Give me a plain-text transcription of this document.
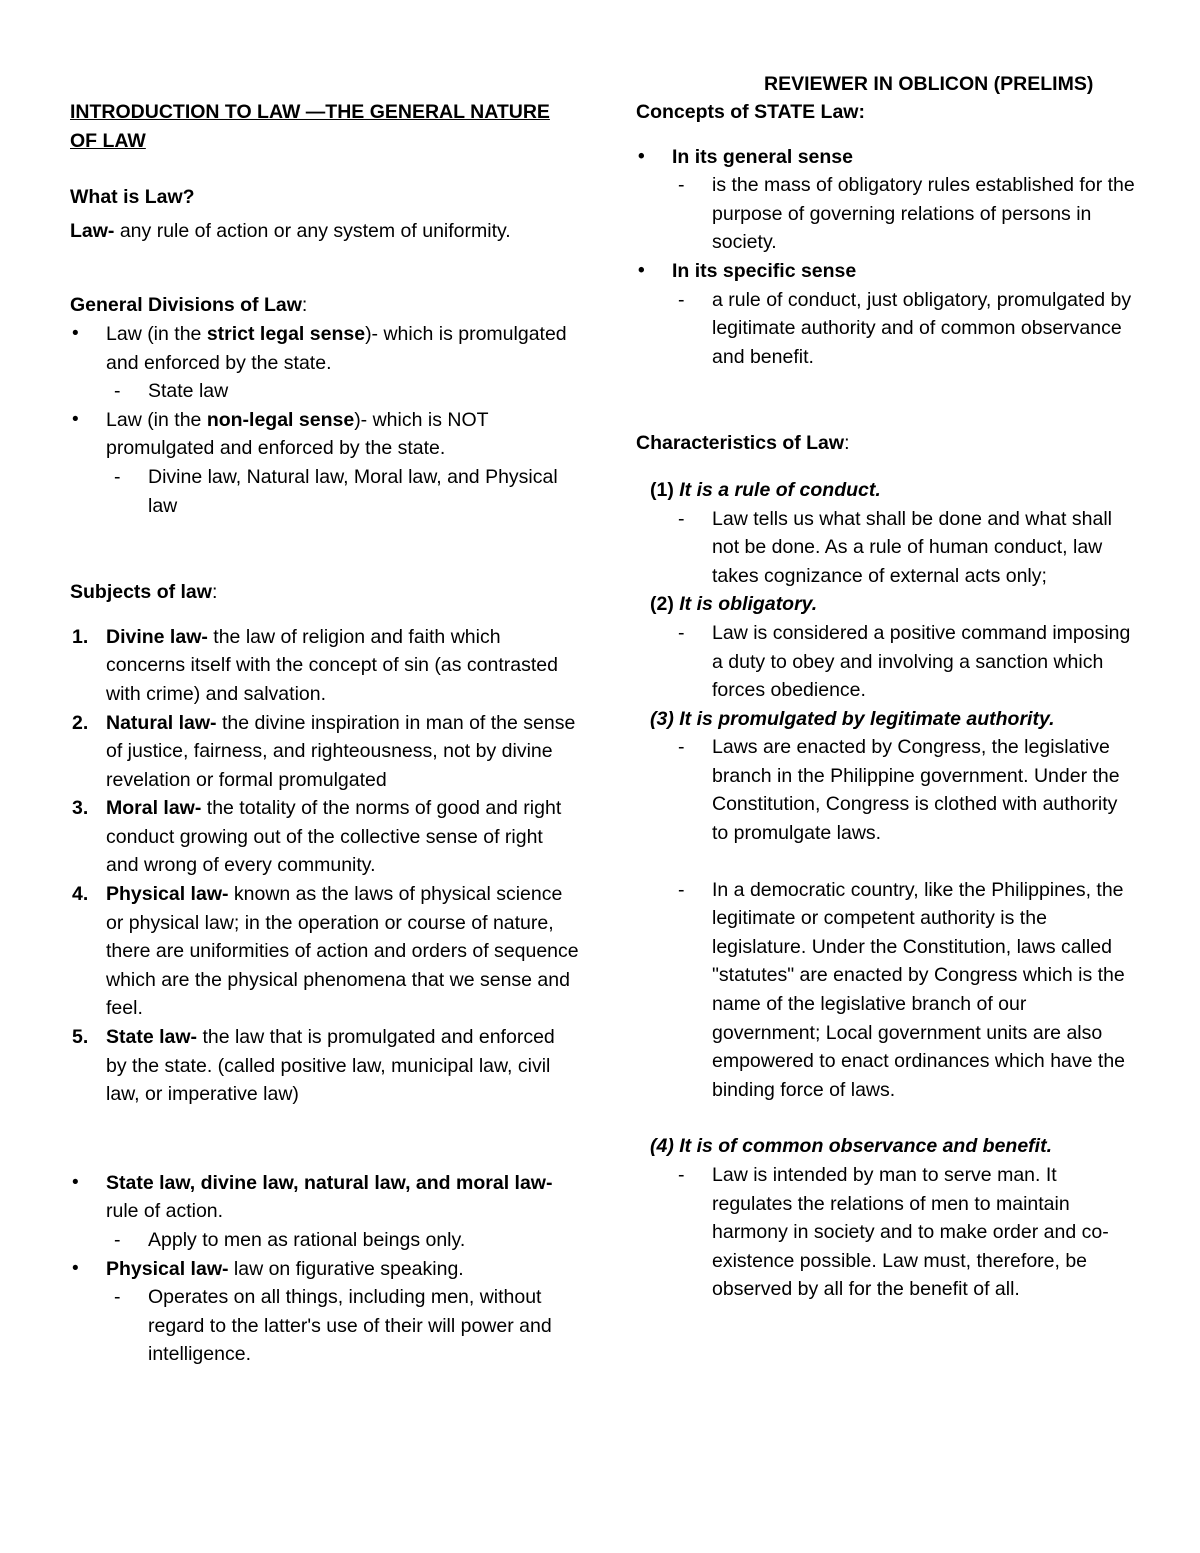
REVIEWER IN OBLICON (PRELIMS)

INTRODUCTION TO LAW —THE GENERAL NATURE OF LAW

What is Law?

Law- any rule of action or any system of uniformity.

General Divisions of Law:

• Law (in the strict legal sense)- which is promulgated and enforced by the state.
- State law
• Law (in the non-legal sense)- which is NOT promulgated and enforced by the state.
- Divine law, Natural law, Moral law, and Physical law

Subjects of law:

1. Divine law- the law of religion and faith which concerns itself with the concept of sin (as contrasted with crime) and salvation.
2. Natural law- the divine inspiration in man of the sense of justice, fairness, and righteousness, not by divine revelation or formal promulgated
3. Moral law- the totality of the norms of good and right conduct growing out of the collective sense of right and wrong of every community.
4. Physical law- known as the laws of physical science or physical law; in the operation or course of nature, there are uniformities of action and orders of sequence which are the physical phenomena that we sense and feel.
5. State law- the law that is promulgated and enforced by the state. (called positive law, municipal law, civil law, or imperative law)
• State law, divine law, natural law, and moral law- rule of action.
- Apply to men as rational beings only.
• Physical law- law on figurative speaking.
- Operates on all things, including men, without regard to the latter's use of their will power and intelligence.

Concepts of STATE Law:

• In its general sense
- is the mass of obligatory rules established for the purpose of governing relations of persons in society.
• In its specific sense
- a rule of conduct, just obligatory, promulgated by legitimate authority and of common observance and benefit.

Characteristics of Law:

(1) It is a rule of conduct.
- Law tells us what shall be done and what shall not be done. As a rule of human conduct, law takes cognizance of external acts only;
(2) It is obligatory.
- Law is considered a positive command imposing a duty to obey and involving a sanction which forces obedience.
(3) It is promulgated by legitimate authority.
- Laws are enacted by Congress, the legislative branch in the Philippine government. Under the Constitution, Congress is clothed with authority to promulgate laws.
- In a democratic country, like the Philippines, the legitimate or competent authority is the legislature. Under the Constitution, laws called "statutes" are enacted by Congress which is the name of the legislative branch of our government; Local government units are also empowered to enact ordinances which have the binding force of laws.
(4) It is of common observance and benefit.
- Law is intended by man to serve man. It regulates the relations of men to maintain harmony in society and to make order and co-existence possible. Law must, therefore, be observed by all for the benefit of all.
